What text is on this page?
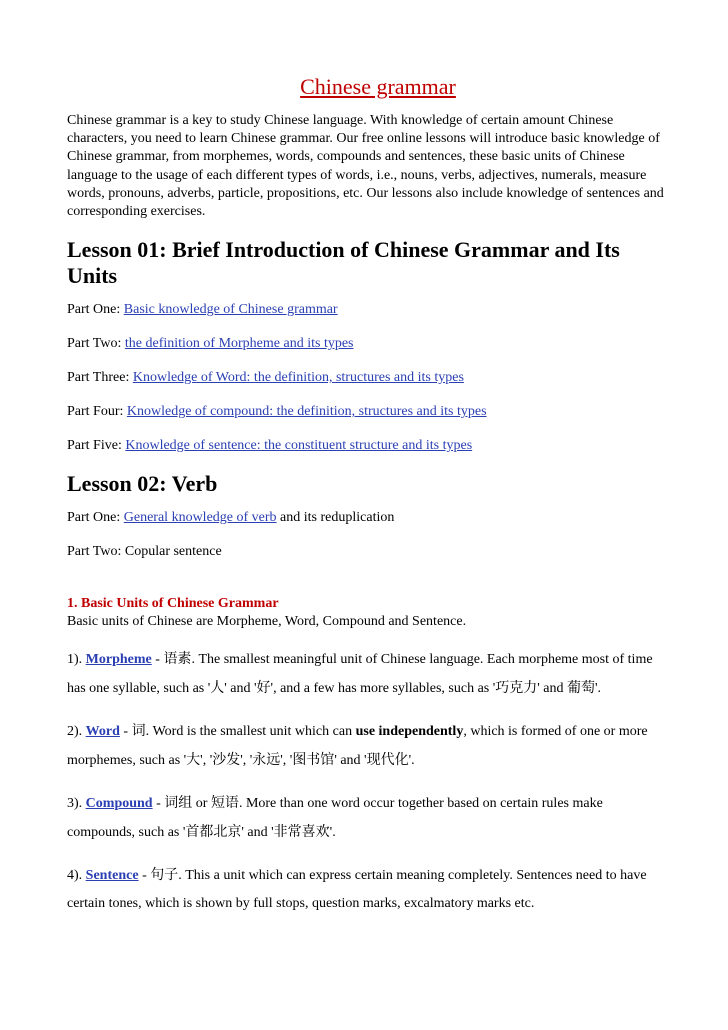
Chinese grammar

Chinese grammar is a key to study Chinese language. With knowledge of certain amount Chinese characters, you need to learn Chinese grammar. Our free online lessons will introduce basic knowledge of Chinese grammar, from morphemes, words, compounds and sentences, these basic units of Chinese language to the usage of each different types of words, i.e., nouns, verbs, adjectives, numerals, measure words, pronouns, adverbs, particle, propositions, etc. Our lessons also include knowledge of sentences and corresponding exercises.

Lesson 01: Brief Introduction of Chinese Grammar and Its Units

Part One: Basic knowledge of Chinese grammar

Part Two: the definition of Morpheme and its types

Part Three: Knowledge of Word: the definition, structures and its types

Part Four: Knowledge of compound: the definition, structures and its types

Part Five: Knowledge of sentence: the constituent structure and its types

Lesson 02: Verb

Part One: General knowledge of verb and its reduplication

Part Two: Copular sentence

1. Basic Units of Chinese Grammar

Basic units of Chinese are Morpheme, Word, Compound and Sentence.

1). Morpheme - 语素. The smallest meaningful unit of Chinese language. Each morpheme most of time has one syllable, such as '人' and '好', and a few has more syllables, such as '巧克力' and 葡萄'.

2). Word - 词. Word is the smallest unit which can use independently, which is formed of one or more morphemes, such as '大', '沙发', '永远', '图书馆' and '现代化'.

3). Compound - 词组 or 短语. More than one word occur together based on certain rules make compounds, such as '首都北京' and '非常喜欢'.

4). Sentence - 句子. This a unit which can express certain meaning completely. Sentences need to have certain tones, which is shown by full stops, question marks, excalmatory marks etc.
